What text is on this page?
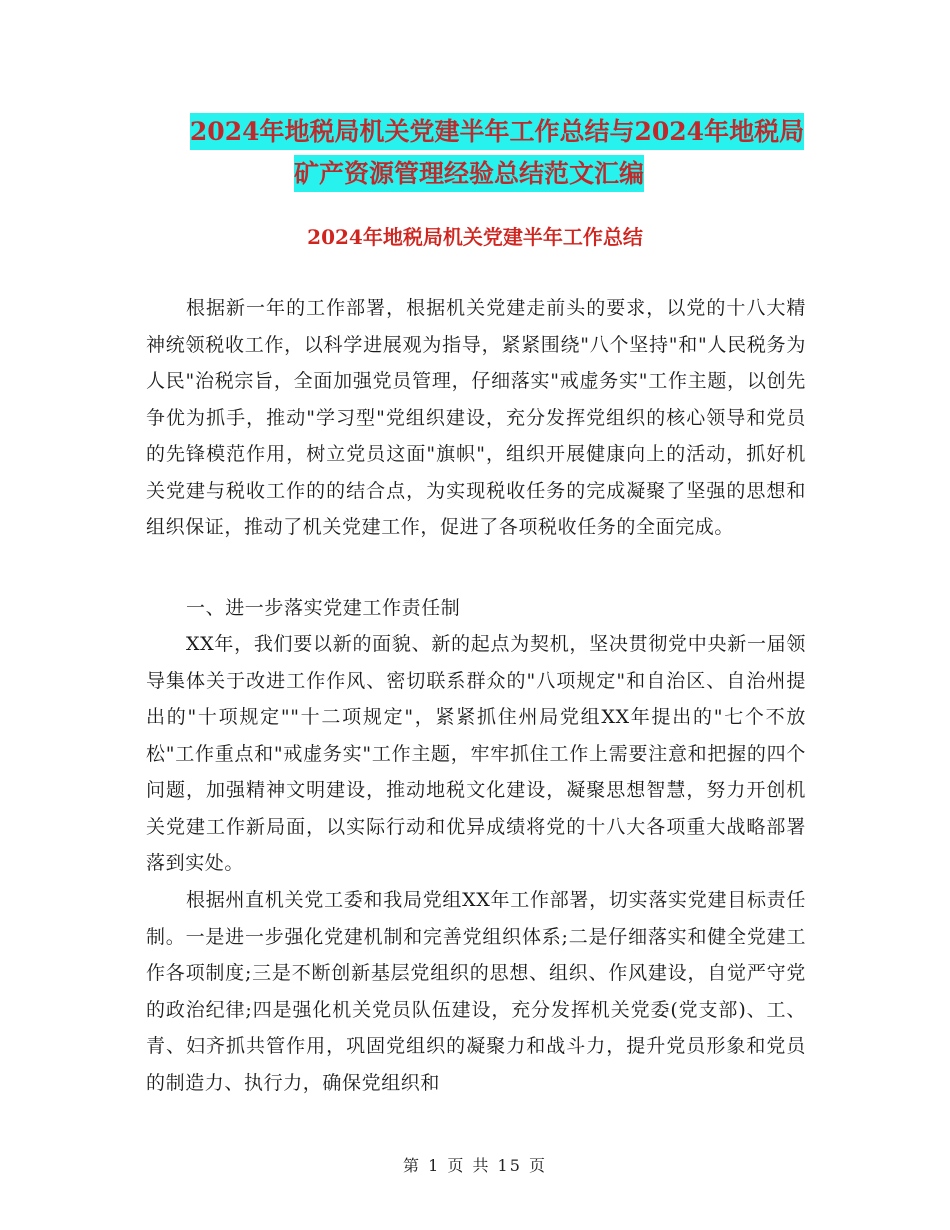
2024年地税局机关党建半年工作总结与2024年地税局
矿产资源管理经验总结范文汇编
2024年地税局机关党建半年工作总结

根据新一年的工作部署，根据机关党建走前头的要求，以党的十八大精神统领税收工作，以科学进展观为指导，紧紧围绕"八个坚持"和"人民税务为人民"治税宗旨，全面加强党员管理，仔细落实"戒虚务实"工作主题，以创先争优为抓手，推动"学习型"党组织建设，充分发挥党组织的核心领导和党员的先锋模范作用，树立党员这面"旗帜"，组织开展健康向上的活动，抓好机关党建与税收工作的的结合点，为实现税收任务的完成凝聚了坚强的思想和组织保证，推动了机关党建工作，促进了各项税收任务的全面完成。

一、进一步落实党建工作责任制

XX年，我们要以新的面貌、新的起点为契机，坚决贯彻党中央新一届领导集体关于改进工作作风、密切联系群众的"八项规定"和自治区、自治州提出的"十项规定""十二项规定"，紧紧抓住州局党组XX年提出的"七个不放松"工作重点和"戒虚务实"工作主题，牢牢抓住工作上需要注意和把握的四个问题，加强精神文明建设，推动地税文化建设，凝聚思想智慧，努力开创机关党建工作新局面，以实际行动和优异成绩将党的十八大各项重大战略部署落到实处。

根据州直机关党工委和我局党组XX年工作部署，切实落实党建目标责任制。一是进一步强化党建机制和完善党组织体系;二是仔细落实和健全党建工作各项制度;三是不断创新基层党组织的思想、组织、作风建设，自觉严守党的政治纪律;四是强化机关党员队伍建设，充分发挥机关党委(党支部)、工、青、妇齐抓共管作用，巩固党组织的凝聚力和战斗力，提升党员形象和党员的制造力、执行力，确保党组织和

第 1 页 共 15 页
